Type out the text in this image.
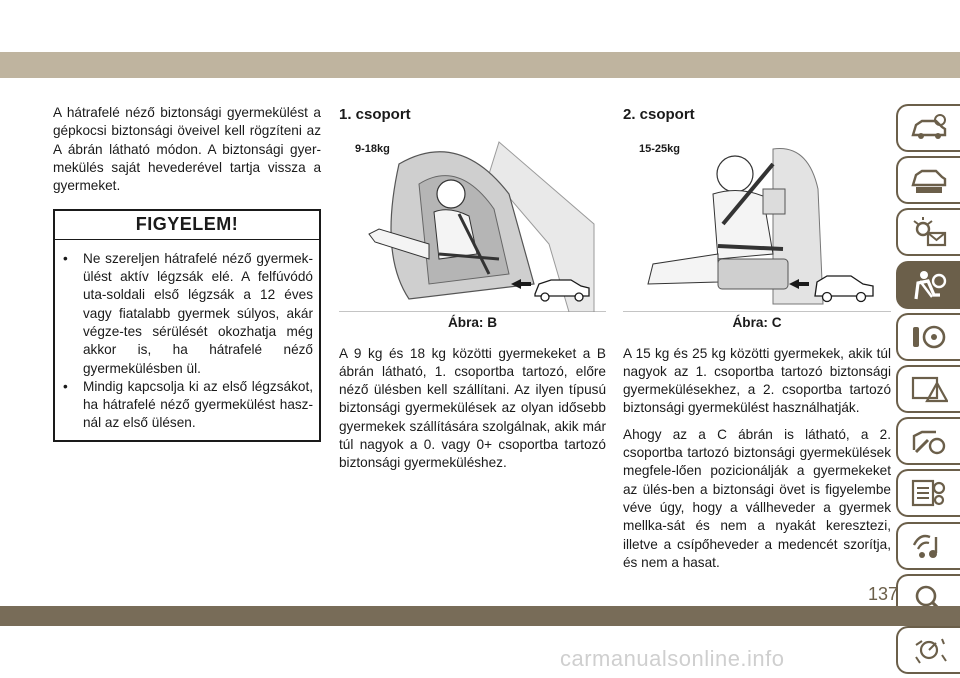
A hátrafelé néző biztonsági gyermekülést a gépkocsi biztonsági öveivel kell rögzíteni az A ábrán látható módon. A biztonsági gyer-mekülés saját hevederével tartja vissza a gyermeket.

FIGYELEM!
• Ne szereljen hátrafelé néző gyermek-ülést aktív légzsák elé. A felfúvódó uta-soldali első légzsák a 12 éves vagy fiatalabb gyermek súlyos, akár végze-tes sérülését okozhatja még akkor is, ha hátrafelé néző gyermekülésben ül.
• Mindig kapcsolja ki az első légzsákot, ha hátrafelé néző gyermekülést hasz-nál az első ülésen.
1. csoport
9-18kg
Ábra: B

A 9 kg és 18 kg közötti gyermekeket a B ábrán látható, 1. csoportba tartozó, előre néző ülésben kell szállítani. Az ilyen típusú biztonsági gyermekülések az olyan idősebb gyermekek szállítására szolgálnak, akik már túl nagyok a 0. vagy 0+ csoportba tartozó biztonsági gyermeküléshez.

2. csoport
15-25kg
Ábra: C

A 15 kg és 25 kg közötti gyermekek, akik túl nagyok az 1. csoportba tartozó biztonsági gyermekülésekhez, a 2. csoportba tartozó biztonsági gyermekülést használhatják.

Ahogy az a C ábrán is látható, a 2. csoportba tartozó biztonsági gyermekülések megfele-lően pozicionálják a gyermekeket az ülés-ben a biztonsági övet is figyelembe véve úgy, hogy a vállheveder a gyermek mellka-sát és nem a nyakát keresztezi, illetve a csípőheveder a medencét szorítja, és nem a hasat.

137
carmanualsonline.info
